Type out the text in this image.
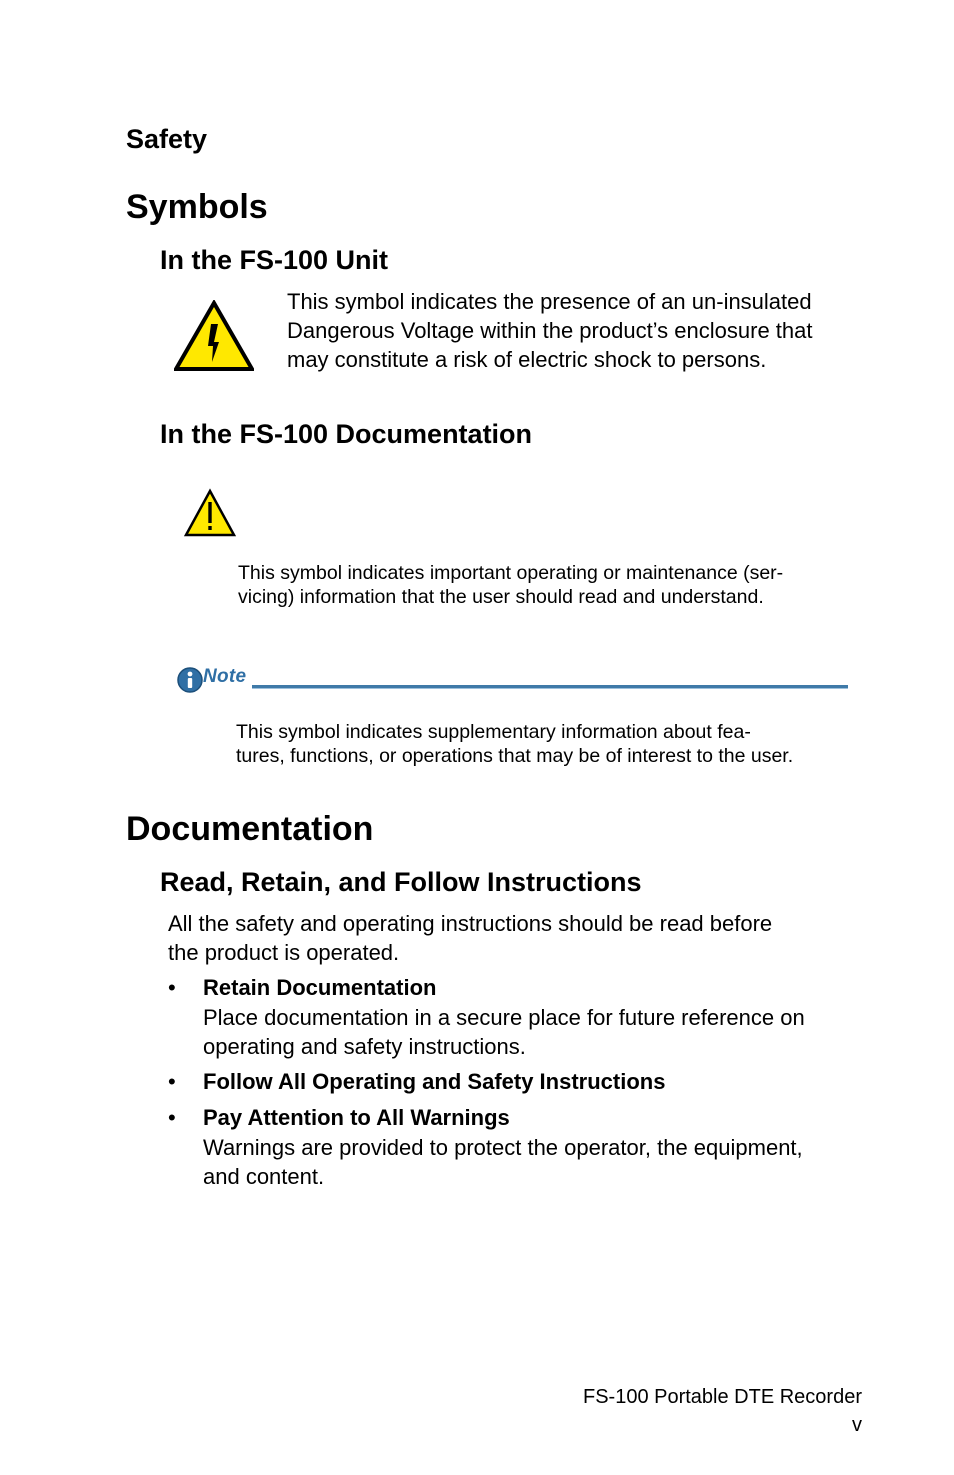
Safety

Symbols
In the FS-100 Unit
This symbol indicates the presence of an un-insulated
Dangerous Voltage within the product’s enclosure that
may constitute a risk of electric shock to persons.
In the FS-100 Documentation
This symbol indicates important operating or maintenance (ser-
vicing) information that the user should read and understand.
Note
This symbol indicates supplementary information about fea-
tures, functions, or operations that may be of interest to the user.
Documentation
Read, Retain, and Follow Instructions
All the safety and operating instructions should be read before
the product is operated.
• Retain Documentation
Place documentation in a secure place for future reference on
operating and safety instructions.
• Follow All Operating and Safety Instructions
• Pay Attention to All Warnings
Warnings are provided to protect the operator, the equipment,
and content.
FS-100 Portable DTE Recorder
v
